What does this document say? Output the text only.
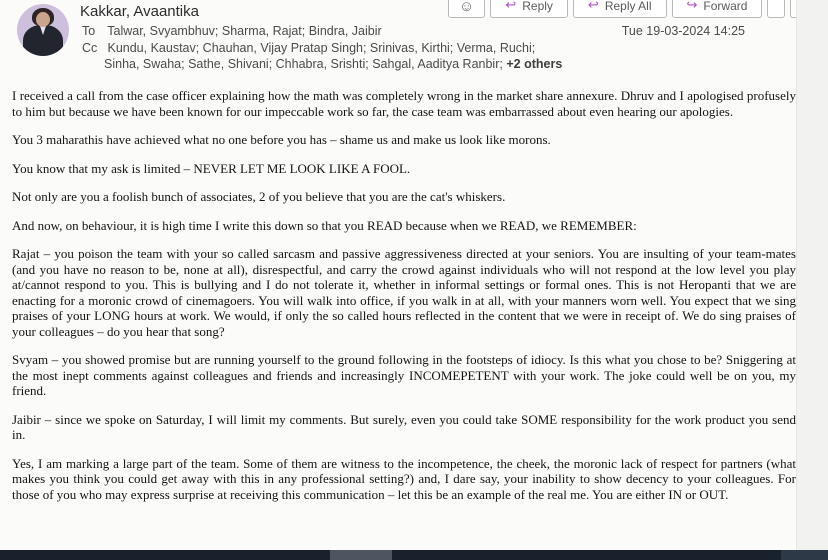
☺ ↩ Reply	↩ Reply All	↪ Forward
Kakkar, Avaantika
To Talwar, Svyambhuv; Sharma, Rajat; Bindra, Jaibir
Cc Kundu, Kaustav; Chauhan, Vijay Pratap Singh; Srinivas, Kirthi; Verma, Ruchi;
Sinha, Swaha; Sathe, Shivani; Chhabra, Srishti; Sahgal, Aaditya Ranbir; +2 others
Tue 19-03-2024 14:25

I received a call from the case officer explaining how the math was completely wrong in the market share annexure. Dhruv and I apologised profusely to him but because we have been known for our impeccable work so far, the case team was embarrassed about even hearing our apologies.

You 3 maharathis have achieved what no one before you has – shame us and make us look like morons.

You know that my ask is limited – NEVER LET ME LOOK LIKE A FOOL.

Not only are you a foolish bunch of associates, 2 of you believe that you are the cat's whiskers.

And now, on behaviour, it is high time I write this down so that you READ because when we READ, we REMEMBER:

Rajat – you poison the team with your so called sarcasm and passive aggressiveness directed at your seniors. You are insulting of your team-mates (and you have no reason to be, none at all), disrespectful, and carry the crowd against individuals who will not respond at the low level you play at/cannot respond to you. This is bullying and I do not tolerate it, whether in informal settings or formal ones. This is not Heropanti that we are enacting for a moronic crowd of cinemagoers. You will walk into office, if you walk in at all, with your manners worn well. You expect that we sing praises of your LONG hours at work. We would, if only the so called hours reflected in the content that we were in receipt of. We do sing praises of your colleagues – do you hear that song?

Svyam – you showed promise but are running yourself to the ground following in the footsteps of idiocy. Is this what you chose to be? Sniggering at the most inept comments against colleagues and friends and increasingly INCOMEPETENT with your work. The joke could well be on you, my friend.

Jaibir – since we spoke on Saturday, I will limit my comments. But surely, even you could take SOME responsibility for the work product you send in.

Yes, I am marking a large part of the team. Some of them are witness to the incompetence, the cheek, the moronic lack of respect for partners (what makes you think you could get away with this in any professional setting?) and, I dare say, your inability to show decency to your colleagues. For those of you who may express surprise at receiving this communication – let this be an example of the real me. You are either IN or OUT.
